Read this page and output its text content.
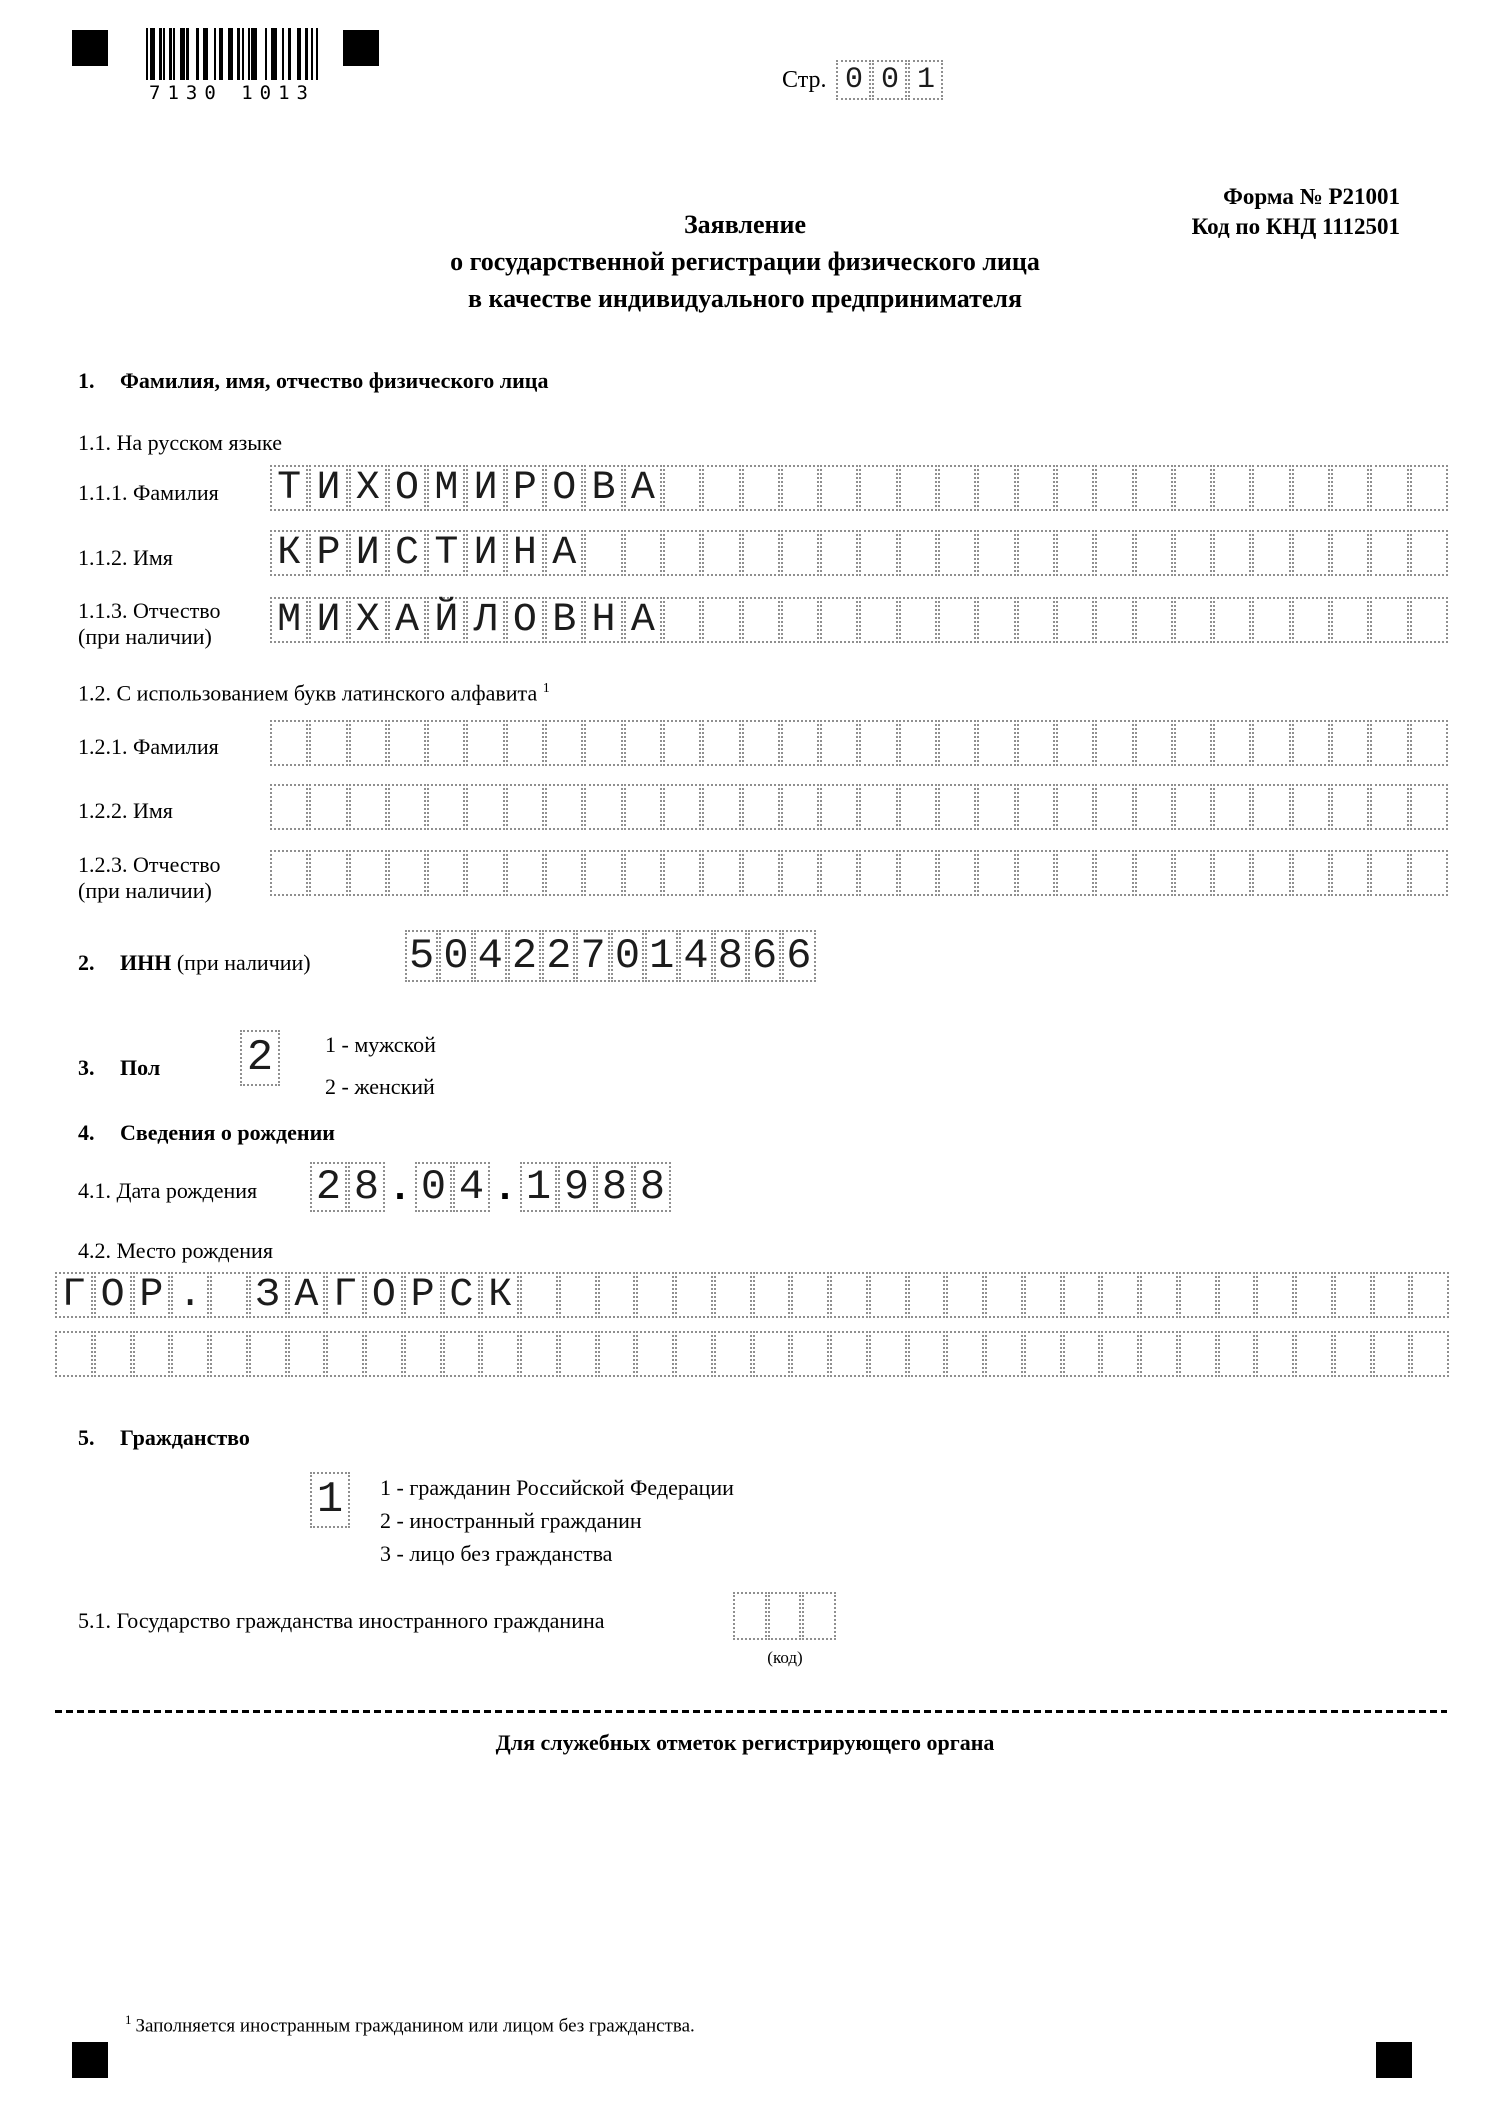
7130 1013	Стр. 0 0 1
Форма № Р21001
Код по КНД 1112501
Заявление
о государственной регистрации физического лица
в качестве индивидуального предпринимателя
1. Фамилия, имя, отчество физического лица
1.1. На русском языке
1.1.1. Фамилия Т И Х О М И Р О В А
1.1.2. Имя	К Р И С Т И Н А
1.1.3. Отчество
(при наличии) М И Х А Й Л О В Н А
1.2. С использованием букв латинского алфавита $^1$
1.2.1. Фамилия
1.2.2. Имя
1.2.3. Отчество
(при наличии)
2. ИНН (при наличии) 5 0 4 2 2 7 0 1 4 8 6 6
3. Пол 2	1 - мужской
2 - женский
4. Сведения о рождении
4.1. Дата рождения 2 8 . 0 4 . 1 9 8 8
4.2. Место рождения
Г О Р . З А Г О Р С К
5. Гражданство
1	1 - гражданин Российской Федерации
2 - иностранный гражданин
3 - лицо без гражданства
5.1. Государство гражданства иностранного гражданина
(код)
Для служебных отметок регистрирующего органа
$^1$ Заполняется иностранным гражданином или лицом без гражданства.
